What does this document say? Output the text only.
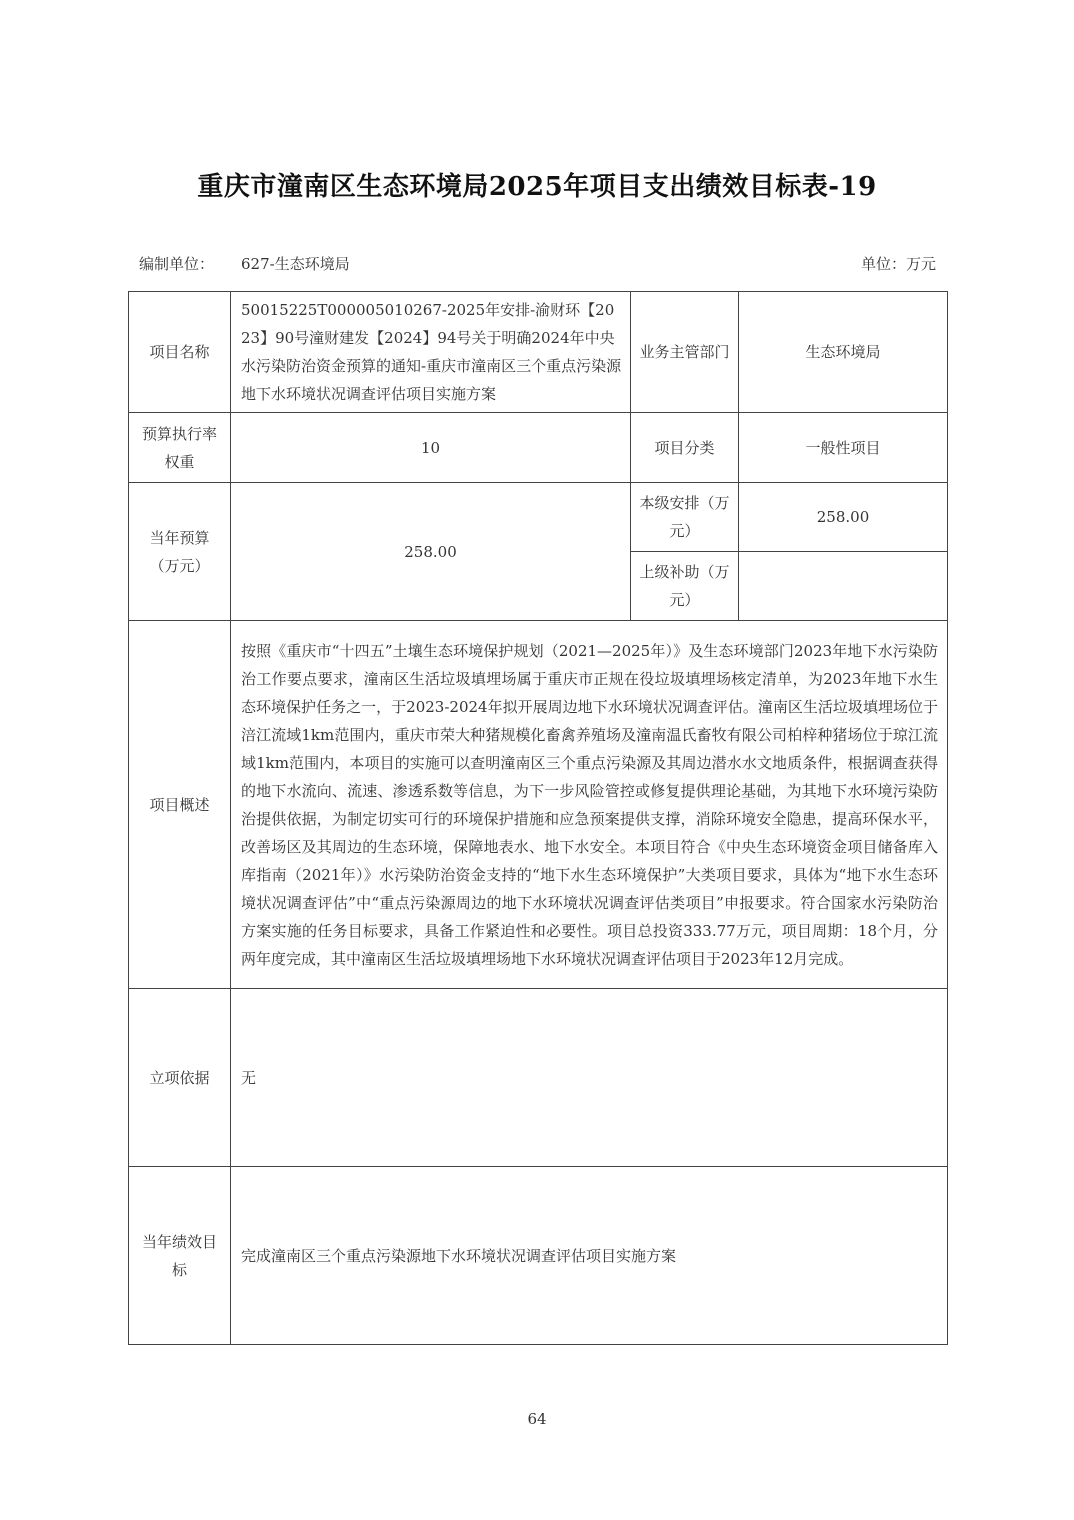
重庆市潼南区生态环境局2025年项目支出绩效目标表-19
编制单位： 627-生态环境局	单位：万元
项目名称	50015225T000005010267-2025年安排-渝财环【2023】90号潼财建发【2024】94号关于明确2024年中央水污染防治资金预算的通知-重庆市潼南区三个重点污染源地下水环境状况调查评估项目实施方案	业务主管部门	生态环境局
预算执行率权重	10	项目分类	一般性项目
当年预算（万元）	258.00	本级安排（万元）	258.00
		上级补助（万元）	
项目概述	按照《重庆市“十四五”土壤生态环境保护规划（2021—2025年）》及生态环境部门2023年地下水污染防治工作要点要求，潼南区生活垃圾填埋场属于重庆市正规在役垃圾填埋场核定清单，为2023年地下水生态环境保护任务之一，于2023-2024年拟开展周边地下水环境状况调查评估。潼南区生活垃圾填埋场位于涪江流域1km范围内，重庆市荣大种猪规模化畜禽养殖场及潼南温氏畜牧有限公司柏梓种猪场位于琼江流域1km范围内，本项目的实施可以查明潼南区三个重点污染源及其周边潜水水文地质条件，根据调查获得的地下水流向、流速、渗透系数等信息，为下一步风险管控或修复提供理论基础，为其地下水环境污染防治提供依据，为制定切实可行的环境保护措施和应急预案提供支撑，消除环境安全隐患，提高环保水平，改善场区及其周边的生态环境，保障地表水、地下水安全。本项目符合《中央生态环境资金项目储备库入库指南（2021年）》水污染防治资金支持的“地下水生态环境保护”大类项目要求，具体为“地下水生态环境状况调查评估”中“重点污染源周边的地下水环境状况调查评估类项目”申报要求。符合国家水污染防治方案实施的任务目标要求，具备工作紧迫性和必要性。项目总投资333.77万元，项目周期：18个月，分两年度完成，其中潼南区生活垃圾填埋场地下水环境状况调查评估项目于2023年12月完成。		
立项依据	无		
当年绩效目标	完成潼南区三个重点污染源地下水环境状况调查评估项目实施方案		
64
